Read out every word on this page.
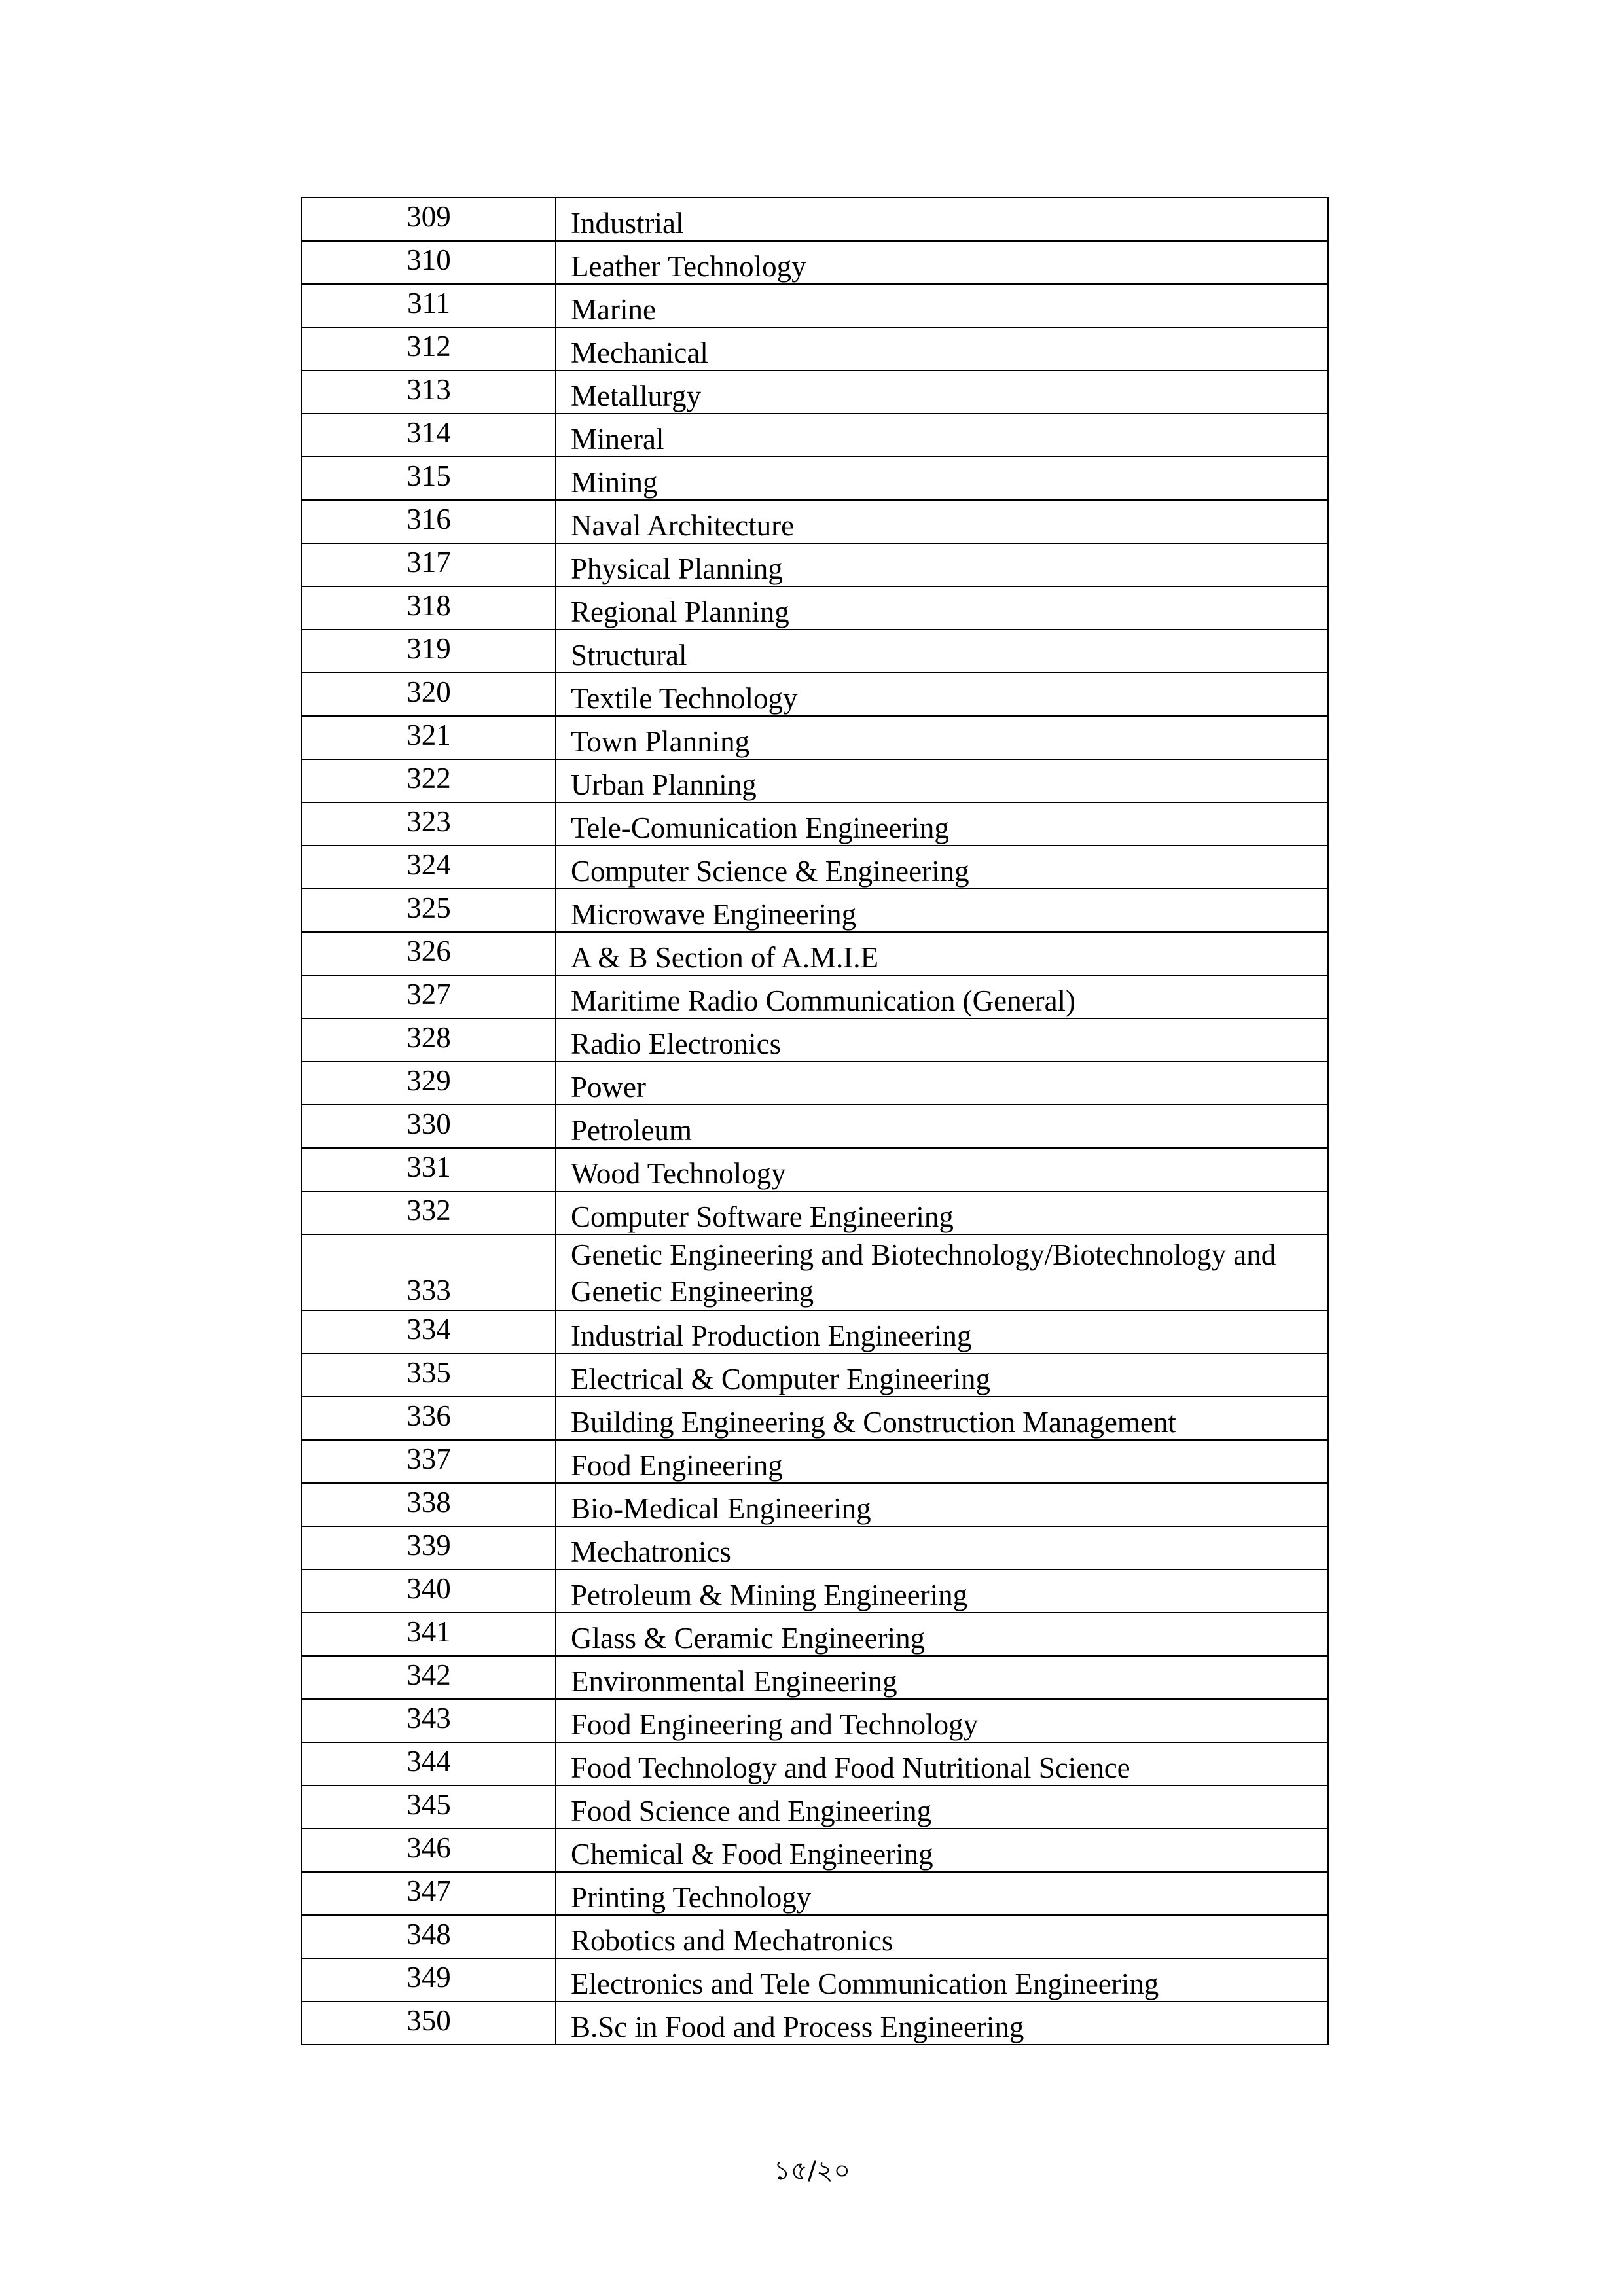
309	Industrial
310	Leather Technology
311	Marine
312	Mechanical
313	Metallurgy
314	Mineral
315	Mining
316	Naval Architecture
317	Physical Planning
318	Regional Planning
319	Structural
320	Textile Technology
321	Town Planning
322	Urban Planning
323	Tele-Comunication Engineering
324	Computer Science & Engineering
325	Microwave Engineering
326	A & B Section of A.M.I.E
327	Maritime Radio Communication (General)
328	Radio Electronics
329	Power
330	Petroleum
331	Wood Technology
332	Computer Software Engineering
333	Genetic Engineering and Biotechnology/Biotechnology and Genetic Engineering
334	Industrial Production Engineering
335	Electrical & Computer Engineering
336	Building Engineering & Construction Management
337	Food Engineering
338	Bio-Medical Engineering
339	Mechatronics
340	Petroleum & Mining Engineering
341	Glass & Ceramic Engineering
342	Environmental Engineering
343	Food Engineering and Technology
344	Food Technology and Food Nutritional Science
345	Food Science and Engineering
346	Chemical & Food Engineering
347	Printing Technology
348	Robotics and Mechatronics
349	Electronics and Tele Communication Engineering
350	B.Sc in Food and Process Engineering
১৫/২০
